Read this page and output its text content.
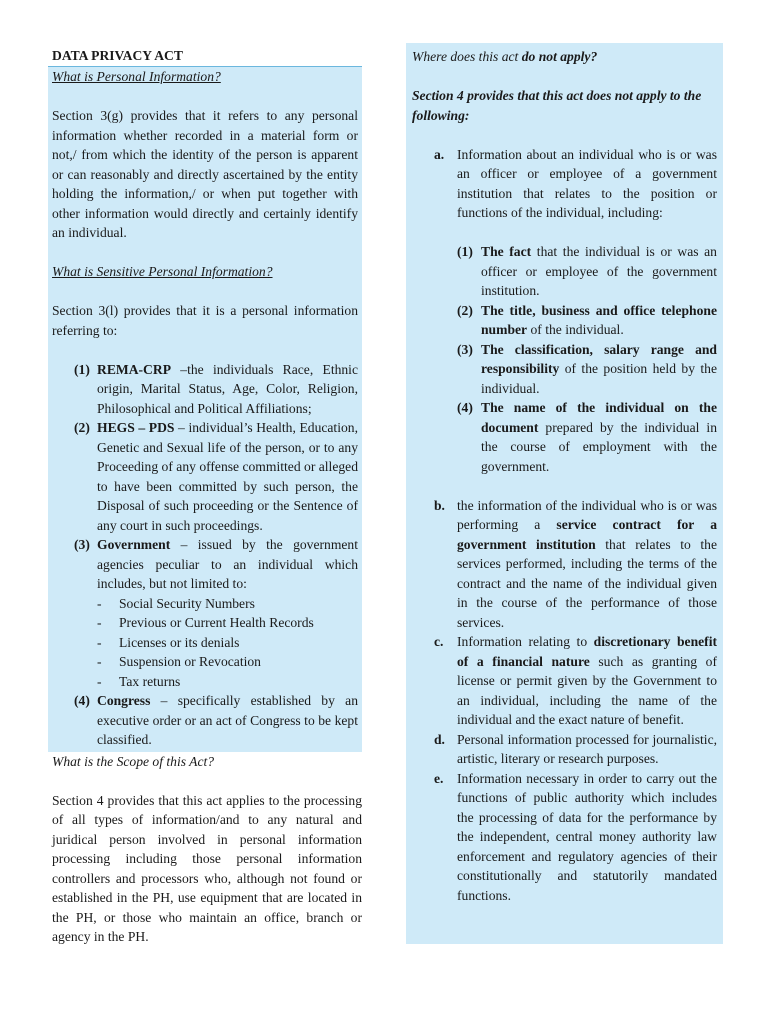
DATA PRIVACY ACT
What is Personal Information?
Section 3(g) provides that it refers to any personal information whether recorded in a material form or not,/ from which the identity of the person is apparent or can reasonably and directly ascertained by the entity holding the information,/ or when put together with other information would directly and certainly identify an individual.
What is Sensitive Personal Information?
Section 3(l) provides that it is a personal information referring to:
(1) REMA-CRP –the individuals Race, Ethnic origin, Marital Status, Age, Color, Religion, Philosophical and Political Affiliations;
(2) HEGS – PDS – individual’s Health, Education, Genetic and Sexual life of the person, or to any Proceeding of any offense committed or alleged to have been committed by such person, the Disposal of such proceeding or the Sentence of any court in such proceedings.
(3) Government – issued by the government agencies peculiar to an individual which includes, but not limited to:
- Social Security Numbers
- Previous or Current Health Records
- Licenses or its denials
- Suspension or Revocation
- Tax returns
(4) Congress – specifically established by an executive order or an act of Congress to be kept classified.
What is the Scope of this Act?
Section 4 provides that this act applies to the processing of all types of information/and to any natural and juridical person involved in personal information processing including those personal information controllers and processors who, although not found or established in the PH, use equipment that are located in the PH, or those who maintain an office, branch or agency in the PH.
Where does this act do not apply?
Section 4 provides that this act does not apply to the following:
a. Information about an individual who is or was an officer or employee of a government institution that relates to the position or functions of the individual, including:
(1) The fact that the individual is or was an officer or employee of the government institution.
(2) The title, business and office telephone number of the individual.
(3) The classification, salary range and responsibility of the position held by the individual.
(4) The name of the individual on the document prepared by the individual in the course of employment with the government.
b. the information of the individual who is or was performing a service contract for a government institution that relates to the services performed, including the terms of the contract and the name of the individual given in the course of the performance of those services.
c. Information relating to discretionary benefit of a financial nature such as granting of license or permit given by the Government to an individual, including the name of the individual and the exact nature of benefit.
d. Personal information processed for journalistic, artistic, literary or research purposes.
e. Information necessary in order to carry out the functions of public authority which includes the processing of data for the performance by the independent, central money authority law enforcement and regulatory agencies of their constitutionally and statutorily mandated functions.
